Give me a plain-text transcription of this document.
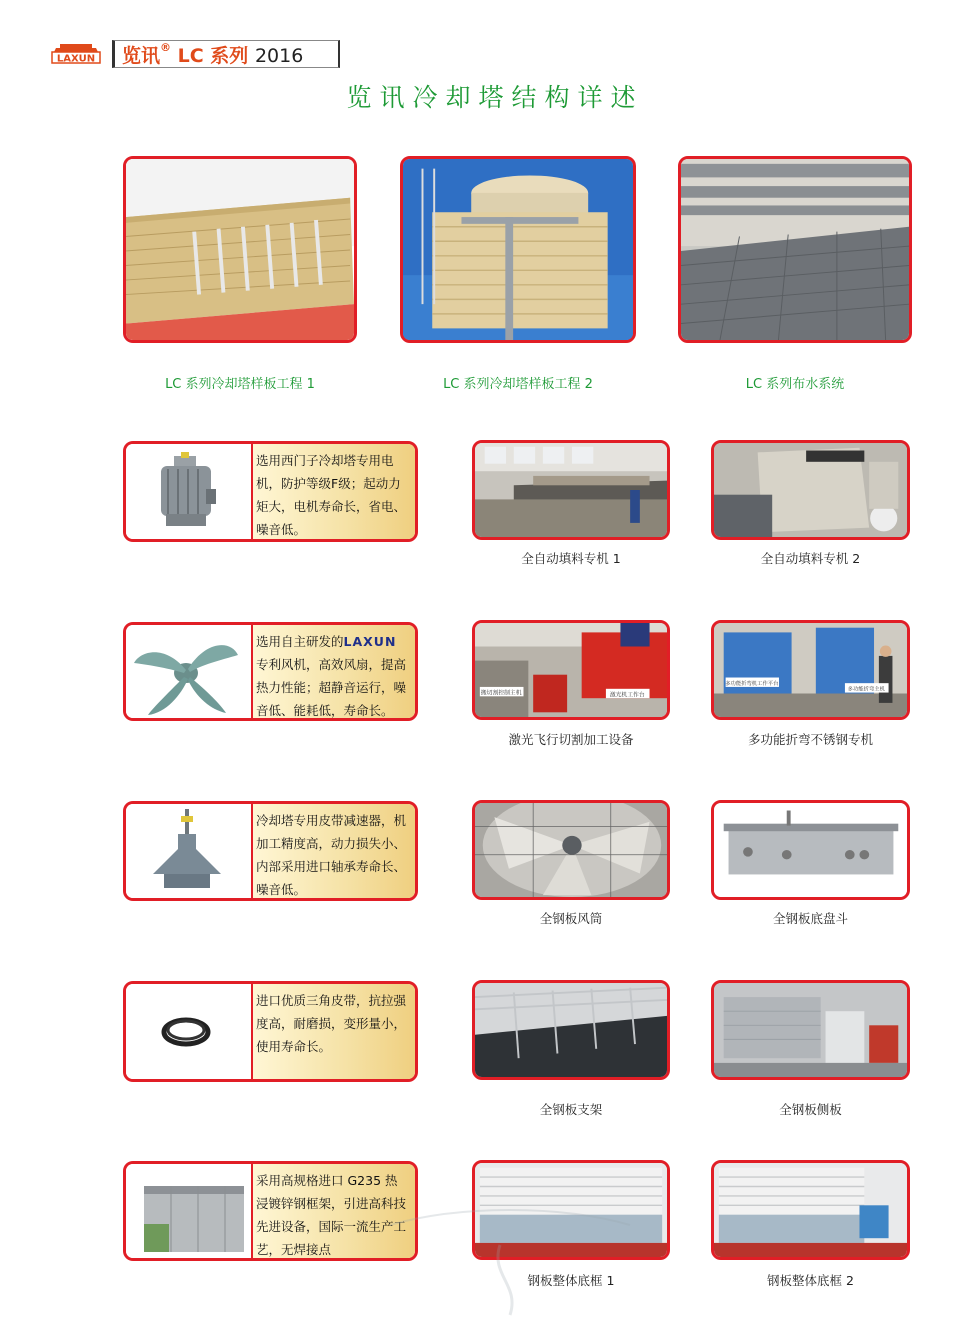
LAXUN 览讯® LC 系列 2016
览讯冷却塔结构详述
LC 系列冷却塔样板工程 1	LC 系列冷却塔样板工程 2	LC 系列布水系统
选用西门子冷却塔专用电机，防护等级F级；起动力矩大，电机寿命长，省电、噪音低。
全自动填料专机 1	全自动填料专机 2
选用自主研发的LAXUN专利风机，高效风扇，提高热力性能；超静音运行，噪音低、能耗低，寿命长。
搬切割控制主机	激光机工作台
多功能折弯机工作平台
多功能折弯主机
激光飞行切割加工设备	多功能折弯不锈钢专机
冷却塔专用皮带减速器，机加工精度高，动力损失小、内部采用进口轴承寿命长、噪音低。
全钢板风筒	全钢板底盘斗
进口优质三角皮带，抗拉强度高，耐磨损，变形量小，使用寿命长。
全钢板支架	全钢板侧板
采用高规格进口 G235 热浸镀锌钢框架，引进高科技先进设备，国际一流生产工艺，无焊接点
钢板整体底框 1	钢板整体底框 2
